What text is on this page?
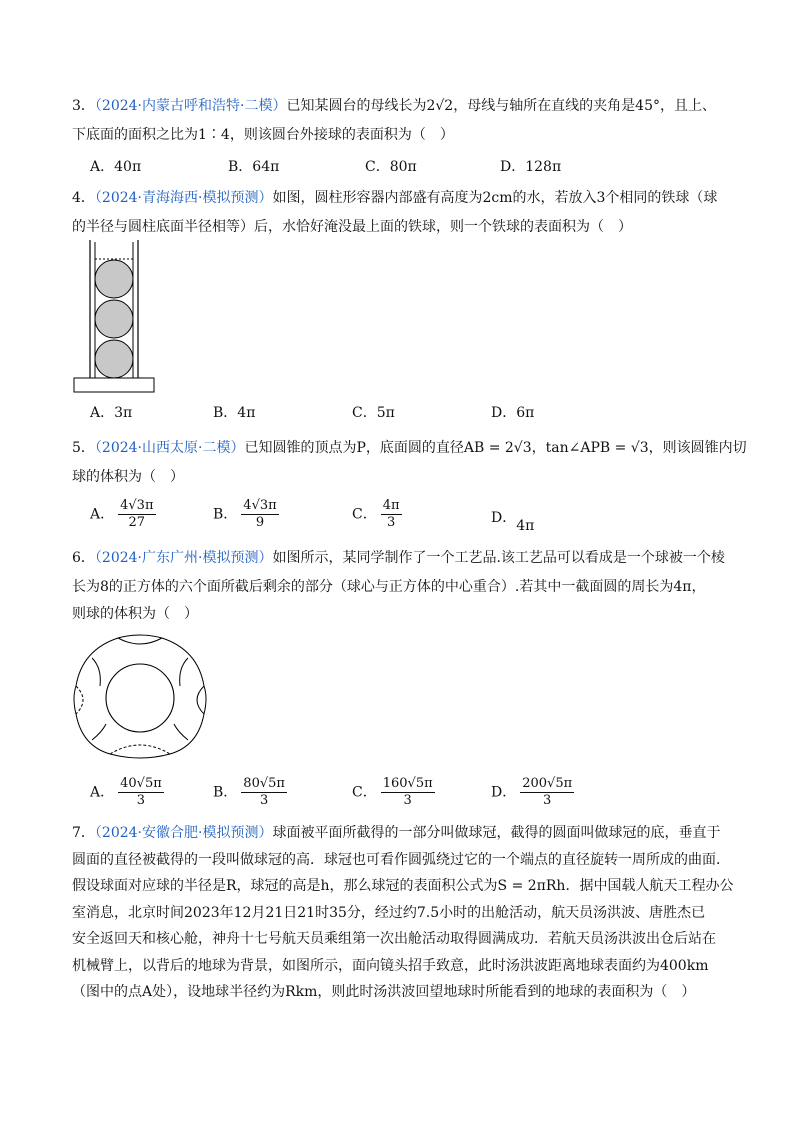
3．（2024·内蒙古呼和浩特·二模）已知某圆台的母线长为2√2，母线与轴所在直线的夹角是45°，且上、
下底面的面积之比为1∶4，则该圆台外接球的表面积为（　）
A．40π	B．64π	C．80π	D．128π
4．（2024·青海海西·模拟预测）如图，圆柱形容器内部盛有高度为2cm的水，若放入3个相同的铁球（球
的半径与圆柱底面半径相等）后，水恰好淹没最上面的铁球，则一个铁球的表面积为（　）
A．3π	B．4π	C．5π	D．6π
5．（2024·山西太原·二模）已知圆锥的顶点为P，底面圆的直径AB = 2√3，tan∠APB = √3，则该圆锥内切
球的体积为（　）
A． $\frac{4√3\pi}{27}$	B． $\frac{4√3\pi}{9}$	C． $\frac{4\pi}{3}$	D．4π
6．（2024·广东广州·模拟预测）如图所示，某同学制作了一个工艺品.该工艺品可以看成是一个球被一个棱
长为8的正方体的六个面所截后剩余的部分（球心与正方体的中心重合）.若其中一截面圆的周长为4π，
则球的体积为（　）
A． $\frac{40√5\pi}{3}$	B． $\frac{80√5\pi}{3}$	C． $\frac{160√5\pi}{3}$	D． $\frac{200√5\pi}{3}$
7．（2024·安徽合肥·模拟预测）球面被平面所截得的一部分叫做球冠，截得的圆面叫做球冠的底，垂直于
圆面的直径被截得的一段叫做球冠的高．球冠也可看作圆弧绕过它的一个端点的直径旋转一周所成的曲面．
假设球面对应球的半径是R，球冠的高是h，那么球冠的表面积公式为S = 2πRh．据中国载人航天工程办公
室消息，北京时间2023年12月21日21时35分，经过约7.5小时的出舱活动，航天员汤洪波、唐胜杰已
安全返回天和核心舱，神舟十七号航天员乘组第一次出舱活动取得圆满成功．若航天员汤洪波出仓后站在
机械臂上，以背后的地球为背景，如图所示，面向镜头招手致意，此时汤洪波距离地球表面约为400km
（图中的点A处），设地球半径约为Rkm，则此时汤洪波回望地球时所能看到的地球的表面积为（　）
